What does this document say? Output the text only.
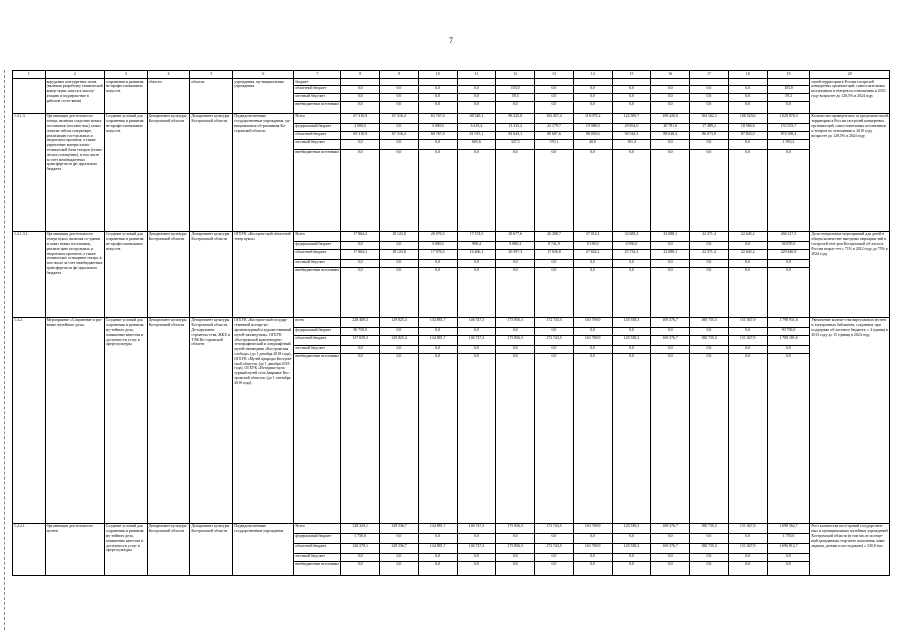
7
1	2	3	4	5	6	7	8	9	10	11	12	13	14	15	16	17	18	19	20
	ворудьных кон-цертных залов (включая разработку технической конце-пции, запуск в эксплу-атацию и поддержа-ние в рабочем состо-янии)	сохранения и развития не-профессиональных искусств	области	области	учреждения, му-ниципальные учреждения	бюджет													своей территории в России гастролей концертных организа-ций, самостоятельных коллективов и театров по отношению к 2010 году возрастет до 128,5% в 2024 году
						областной бюджет	0,0	0,0	0,0	0,0	103,0	0,0	0,0	0,0	0,0	0,0	0,0	103,0	
						местный бюд-жет	0,0	0,0	0,0	0,0	59,3	0,0	0,0	0,0	0,0	0,0	0,0	59,3	
						внебюджетные источники	0,0	0,0	0,0	0,0	0,0	0,0	0,0	0,0	0,0	0,0	0,0	0,0	
1.4.1.3.	Организация дея-тельности театра, включая созда-ние новых постановок (постано-вок), показ спектак-лей на стационаре, реализацию гаст-рольных и творческих проектов, а также укрепление матери-ально-технической базы театров (техни-ческое оснащение), в том числе за счет межбюджетных трансфертов из фе-дерального бюджета	Создание условий для сохранения и развития не-профессиональных искусств	Департамент культуры Костромской области	Департамент культуры Костромской области	Подведомственные государственные учреждения, му-ниципальные об-разования Ко-стромской области	Всего	67 310,9	67 316,4	63 767,0	68 540,1	96 325,8	102 457,4	118 079,2	124 589,7	109 420,0	104 162,3	106 529,6	1 029 878,3	Количество проведен-ных за пределами своей территории в России гастролей концертных организа-ций, самостоятельных коллективов и театров по отношению к 2010 году возрастет до 128,5% в 2024 году
						федеральный бюджет	2 000,0	0,0	3 000,0	6 419,4	13 335,2	22 179,7	19 988,0	29 854,0	20 781,6	17 489,2	18 566,6	153 553,7	
						областной бюджет	65 310,9	67 316,4	60 767,0	61 915,1	82 643,1	80 687,6	98 050,6	94 544,3	88 628,4	86 673,0	87 823,0	874 369,4	
						местный бюд-жет	0,0	0,0	0,0	605,6	347,5	570,1	40,6	191,4	0,0	0,0	0,0	1 955,2	
						внебюджетные источники	0,0	0,0	0,0	0,0	0,0	0,0	0,0	0,0	0,0	0,0	0,0	0,0	
1.4.1.3.1.	Организация дея-тельности театра кукол, включая со-здание и показ новых постановок, реализа-цию гастрольных и творческих проектов, а также техническое оснащение театра, в том числе за счет межбюджетных трансфертов из фе-дерального бюджета	Создание условий для сохранения и развития не-профессиональных искусств	Департамент культуры Костромской области	Департамент культуры Костромской области	ОГБУК «Костром-ской областной театр кукол»	Всего	17 864,3	18 123,8	20 076,5	17 374,5	28 677,6	26 398,7	37 014,1	32 683,3	23 088,1	22 371,4	22 645,2	266 317,5	Доля театральных мероприятий для детей в общем количестве выездных мероприя-тий и гастролей теат-ров Костромской об-ласти в России возрас-тет с 71% в 2012 году до 75% в 2024 году
						федеральный бюджет	0,0	0,0	3 000,0	908,4	8 080,3	8 741,9	9 190,0	6 950,0	0,0	0,0	0,0	36 870,6	
						областной бюджет	17 864,3	18 123,8	17 076,5	16 466,1	20 597,3	17 656,8	27 824,1	25 733,3	23 088,1	22 371,4	22 645,2	229 446,9	
						местный бюд-жет	0,0	0,0	0,0	0,0	0,0	0,0	0,0	0,0	0,0	0,0	0,0	0,0	
						внебюджетные источники	0,0	0,0	0,0	0,0	0,0	0,0	0,0	0,0	0,0	0,0	0,0	0,0	
1.4.2.	Мероприятие «Сохранение и раз-витие музейного дела»	Создание условий для сохранения и развития му-зейного дела, повышение качества и доступности услуг в сфере культуры	Департамент культуры Костромской области	Департамент культуры Костромской области, Де-партамент строитель-ства, ЖКХ и ТЭК Ко-стромской области	ОГБУК «Костром-ской государ-ственный истори-ко-архитектурный и художественный музей-заповед-ник», ОГБУК «Костромской архитектурно-этнографический и ландшафтный музей-заповедник «Костромская слобода» (до 1 декабря 2018 года), ОГБУК «Музей природы Костром-ской области» (до 1 декабря 2018 года), ОГБУК «Историко-куль-турный музей села Завражье Кос-тромской области» (до 1 сентября 2016 года)	всего	228 409,3	129 825,4	134 881,7	146 747,3	175 856,3	172 743,5	163 769,9	145 538,3	169 376,7	180 735,3	151 047,9	1 798 931,6	Увеличение количе-ства виртуальных музеев и электронных библиотек, созданных при поддержке об-ластного бюджета, с 4 единиц в 2013 году до 15 единиц в 2024 году
						федеральный бюджет	90 750,0	0,0	0,0	0,0	0,0	0,0	0,0	0,0	0,0	0,0	0,0	90 750,0	
						областной бюджет	137 659,3	129 825,4	134 881,7	146 747,3	175 856,3	172 743,5	163 769,9	145 538,3	169 376,7	180 735,3	151 047,9	1 708 181,6	
						местный бюд-жет	0,0	0,0	0,0	0,0	0,0	0,0	0,0	0,0	0,0	0,0	0,0	0,0	
						внебюджетные источники	0,0	0,0	0,0	0,0	0,0	0,0	0,0	0,0	0,0	0,0	0,0	0,0	
1.4.2.1.	Организация дея-тельности музеев	Создание условий для сохранения и развития му-зейного дела, повышение качества и доступности услуг в сфере культуры	Департамент культуры Костромской области	Департамент культуры Костромской области	Подведомственные государственные учреждения	Всего	128 329,1	129 536,7	134 881,7	146 747,3	175 856,3	172 743,5	163 769,9	145 538,3	169 376,7	180 735,3	151 047,9	1 698 562,7	Рост количества посе-щений государствен-ных и муниципальных музейных учреждений Костромской области (в том числе посеще-ний гражданами стар-шего поколения, инва-лидами, детьми и мо-лодежью) с 330,8 тыс.
						федеральный бюджет	1 750,0	0,0	0,0	0,0	0,0	0,0	0,0	0,0	0,0	0,0	0,0	1 750,0	
						областной бюджет	126 579,1	129 536,7	134 881,7	146 747,3	175 856,3	172 743,5	163 769,9	145 538,3	169 376,7	180 735,3	151 047,9	1 696 812,7	
						местный бюд-жет	0,0	0,0	0,0	0,0	0,0	0,0	0,0	0,0	0,0	0,0	0,0	0,0	
						внебюджетные источники	0,0	0,0	0,0	0,0	0,0	0,0	0,0	0,0	0,0	0,0	0,0	0,0	
